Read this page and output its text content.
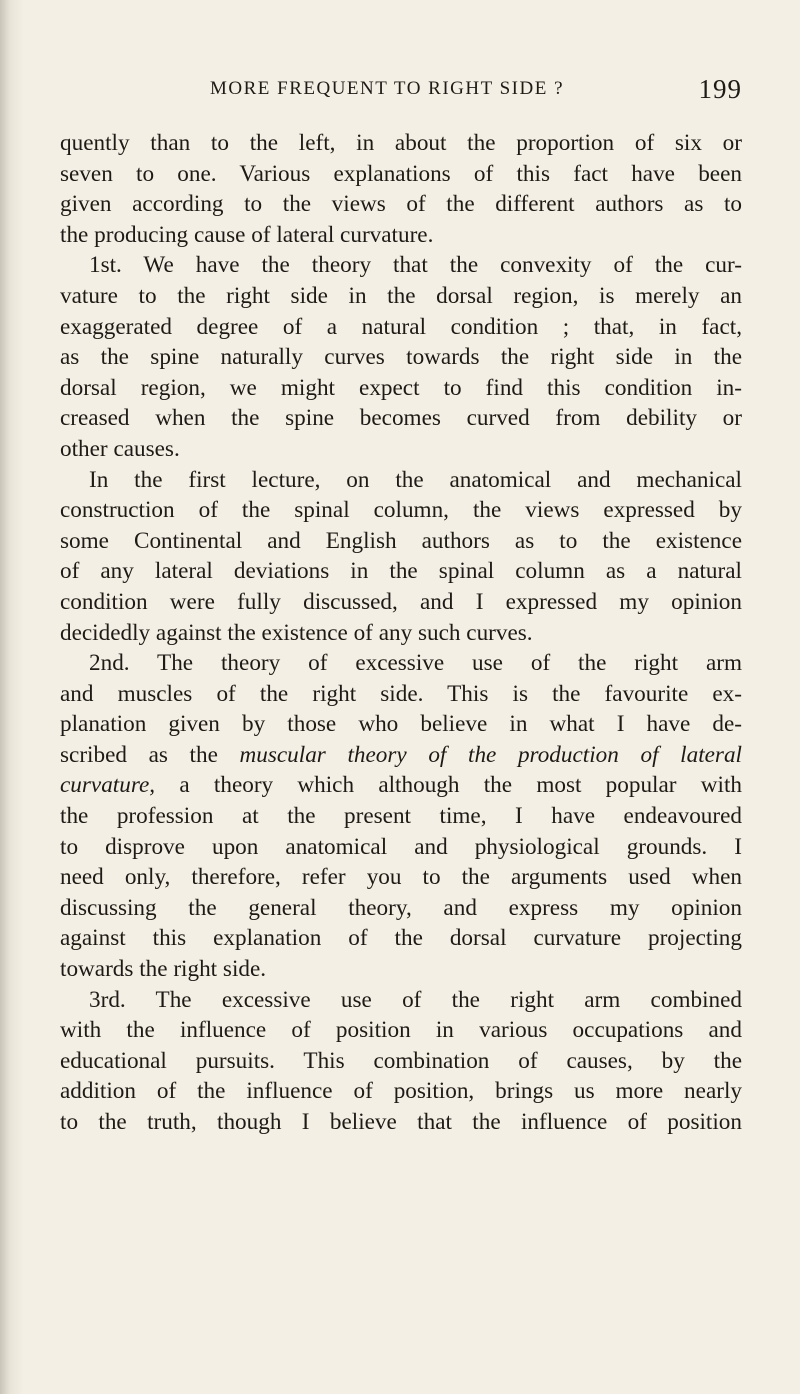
MORE FREQUENT TO RIGHT SIDE ?	199
quently than to the left, in about the proportion of six or
seven to one. Various explanations of this fact have been
given according to the views of the different authors as to
the producing cause of lateral curvature.
1st. We have the theory that the convexity of the cur-
vature to the right side in the dorsal region, is merely an
exaggerated degree of a natural condition ; that, in fact,
as the spine naturally curves towards the right side in the
dorsal region, we might expect to find this condition in-
creased when the spine becomes curved from debility or
other causes.
In the first lecture, on the anatomical and mechanical
construction of the spinal column, the views expressed by
some Continental and English authors as to the existence
of any lateral deviations in the spinal column as a natural
condition were fully discussed, and I expressed my opinion
decidedly against the existence of any such curves.
2nd. The theory of excessive use of the right arm
and muscles of the right side. This is the favourite ex-
planation given by those who believe in what I have de-
scribed as the muscular theory of the production of lateral
curvature, a theory which although the most popular with
the profession at the present time, I have endeavoured
to disprove upon anatomical and physiological grounds. I
need only, therefore, refer you to the arguments used when
discussing the general theory, and express my opinion
against this explanation of the dorsal curvature projecting
towards the right side.
3rd. The excessive use of the right arm combined
with the influence of position in various occupations and
educational pursuits. This combination of causes, by the
addition of the influence of position, brings us more nearly
to the truth, though I believe that the influence of position
